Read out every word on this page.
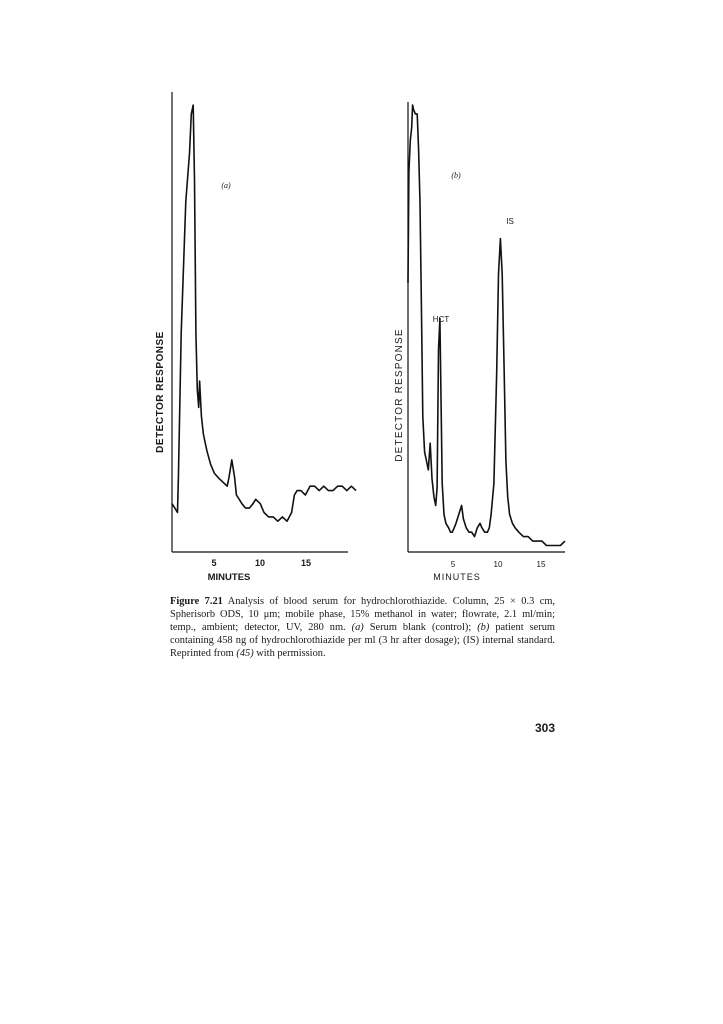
DETECTOR RESPONSE
5	10	15
MINUTES
(a)
DETECTOR RESPONSE
5	10	15
MINUTES
(b)
HCT
IS

Figure 7.21 Analysis of blood serum for hydrochlorothiazide. Column, 25 × 0.3 cm, Spherisorb ODS, 10 μm; mobile phase, 15% methanol in water; flowrate, 2.1 ml/min; temp., ambient; detector, UV, 280 nm. (a) Serum blank (control); (b) patient serum containing 458 ng of hydrochlorothiazide per ml (3 hr after dosage); (IS) internal standard. Reprinted from (45) with permission.

303
